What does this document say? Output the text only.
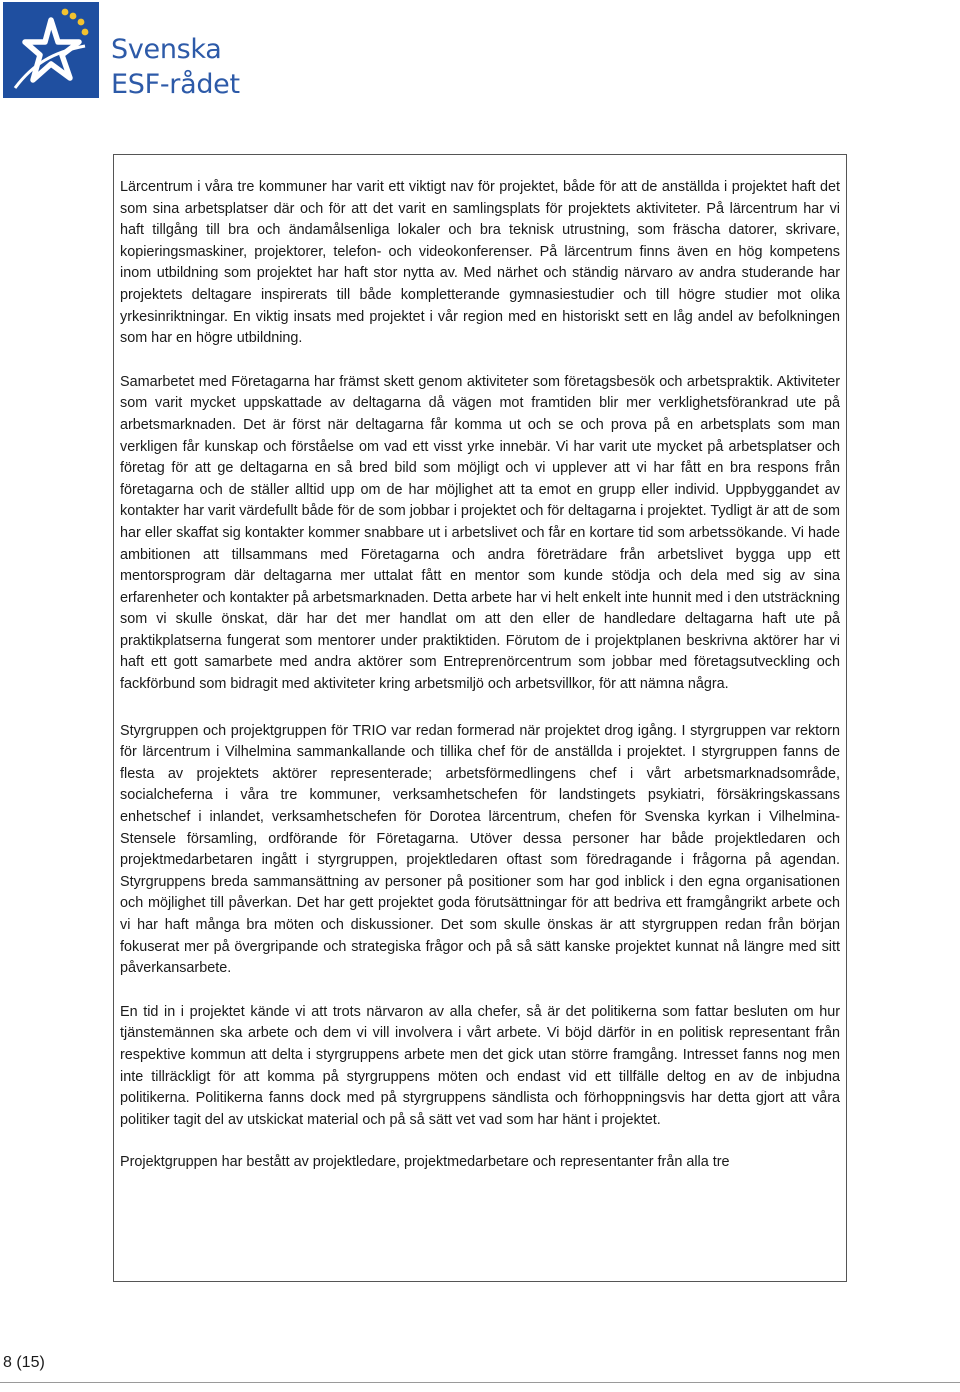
Svenska
ESF-rådet

Lärcentrum i våra tre kommuner har varit ett viktigt nav för projektet, både för att de anställda i projektet haft det som sina arbetsplatser där och för att det varit en samlingsplats för projektets aktiviteter. På lärcentrum har vi haft tillgång till bra och ändamålsenliga lokaler och bra teknisk utrustning, som fräscha datorer, skrivare, kopieringsmaskiner, projektorer, telefon- och videokonferenser. På lärcentrum finns även en hög kompetens inom utbildning som projektet har haft stor nytta av. Med närhet och ständig närvaro av andra studerande har projektets deltagare inspirerats till både kompletterande gymnasiestudier och till högre studier mot olika yrkesinriktningar. En viktig insats med projektet i vår region med en historiskt sett en låg andel av befolkningen som har en högre utbildning.

Samarbetet med Företagarna har främst skett genom aktiviteter som företagsbesök och arbetspraktik. Aktiviteter som varit mycket uppskattade av deltagarna då vägen mot framtiden blir mer verklighetsförankrad ute på arbetsmarknaden. Det är först när deltagarna får komma ut och se och prova på en arbetsplats som man verkligen får kunskap och förståelse om vad ett visst yrke innebär. Vi har varit ute mycket på arbetsplatser och företag för att ge deltagarna en så bred bild som möjligt och vi upplever att vi har fått en bra respons från företagarna och de ställer alltid upp om de har möjlighet att ta emot en grupp eller individ. Uppbyggandet av kontakter har varit värdefullt både för de som jobbar i projektet och för deltagarna i projektet. Tydligt är att de som har eller skaffat sig kontakter kommer snabbare ut i arbetslivet och får en kortare tid som arbetssökande. Vi hade ambitionen att tillsammans med Företagarna och andra företrädare från arbetslivet bygga upp ett mentorsprogram där deltagarna mer uttalat fått en mentor som kunde stödja och dela med sig av sina erfarenheter och kontakter på arbetsmarknaden. Detta arbete har vi helt enkelt inte hunnit med i den utsträckning som vi skulle önskat, där har det mer handlat om att den eller de handledare deltagarna haft ute på praktikplatserna fungerat som mentorer under praktiktiden. Förutom de i projektplanen beskrivna aktörer har vi haft ett gott samarbete med andra aktörer som Entreprenörcentrum som jobbar med företagsutveckling och fackförbund som bidragit med aktiviteter kring arbetsmiljö och arbetsvillkor, för att nämna några.

Styrgruppen och projektgruppen för TRIO var redan formerad när projektet drog igång. I styrgruppen var rektorn för lärcentrum i Vilhelmina sammankallande och tillika chef för de anställda i projektet. I styrgruppen fanns de flesta av projektets aktörer representerade; arbetsförmedlingens chef i vårt arbetsmarknadsområde, socialcheferna i våra tre kommuner, verksamhetschefen för landstingets psykiatri, försäkringskassans enhetschef i inlandet, verksamhetschefen för Dorotea lärcentrum, chefen för Svenska kyrkan i Vilhelmina-Stensele församling, ordförande för Företagarna. Utöver dessa personer har både projektledaren och projektmedarbetaren ingått i styrgruppen, projektledaren oftast som föredragande i frågorna på agendan. Styrgruppens breda sammansättning av personer på positioner som har god inblick i den egna organisationen och möjlighet till påverkan. Det har gett projektet goda förutsättningar för att bedriva ett framgångrikt arbete och vi har haft många bra möten och diskussioner. Det som skulle önskas är att styrgruppen redan från början fokuserat mer på övergripande och strategiska frågor och på så sätt kanske projektet kunnat nå längre med sitt påverkansarbete.

En tid in i projektet kände vi att trots närvaron av alla chefer, så är det politikerna som fattar besluten om hur tjänstemännen ska arbete och dem vi vill involvera i vårt arbete. Vi böjd därför in en politisk representant från respektive kommun att delta i styrgruppens arbete men det gick utan större framgång. Intresset fanns nog men inte tillräckligt för att komma på styrgruppens möten och endast vid ett tillfälle deltog en av de inbjudna politikerna. Politikerna fanns dock med på styrgruppens sändlista och förhoppningsvis har detta gjort att våra politiker tagit del av utskickat material och på så sätt vet vad som har hänt i projektet.

Projektgruppen har bestått av projektledare, projektmedarbetare och representanter från alla tre

8 (15)
